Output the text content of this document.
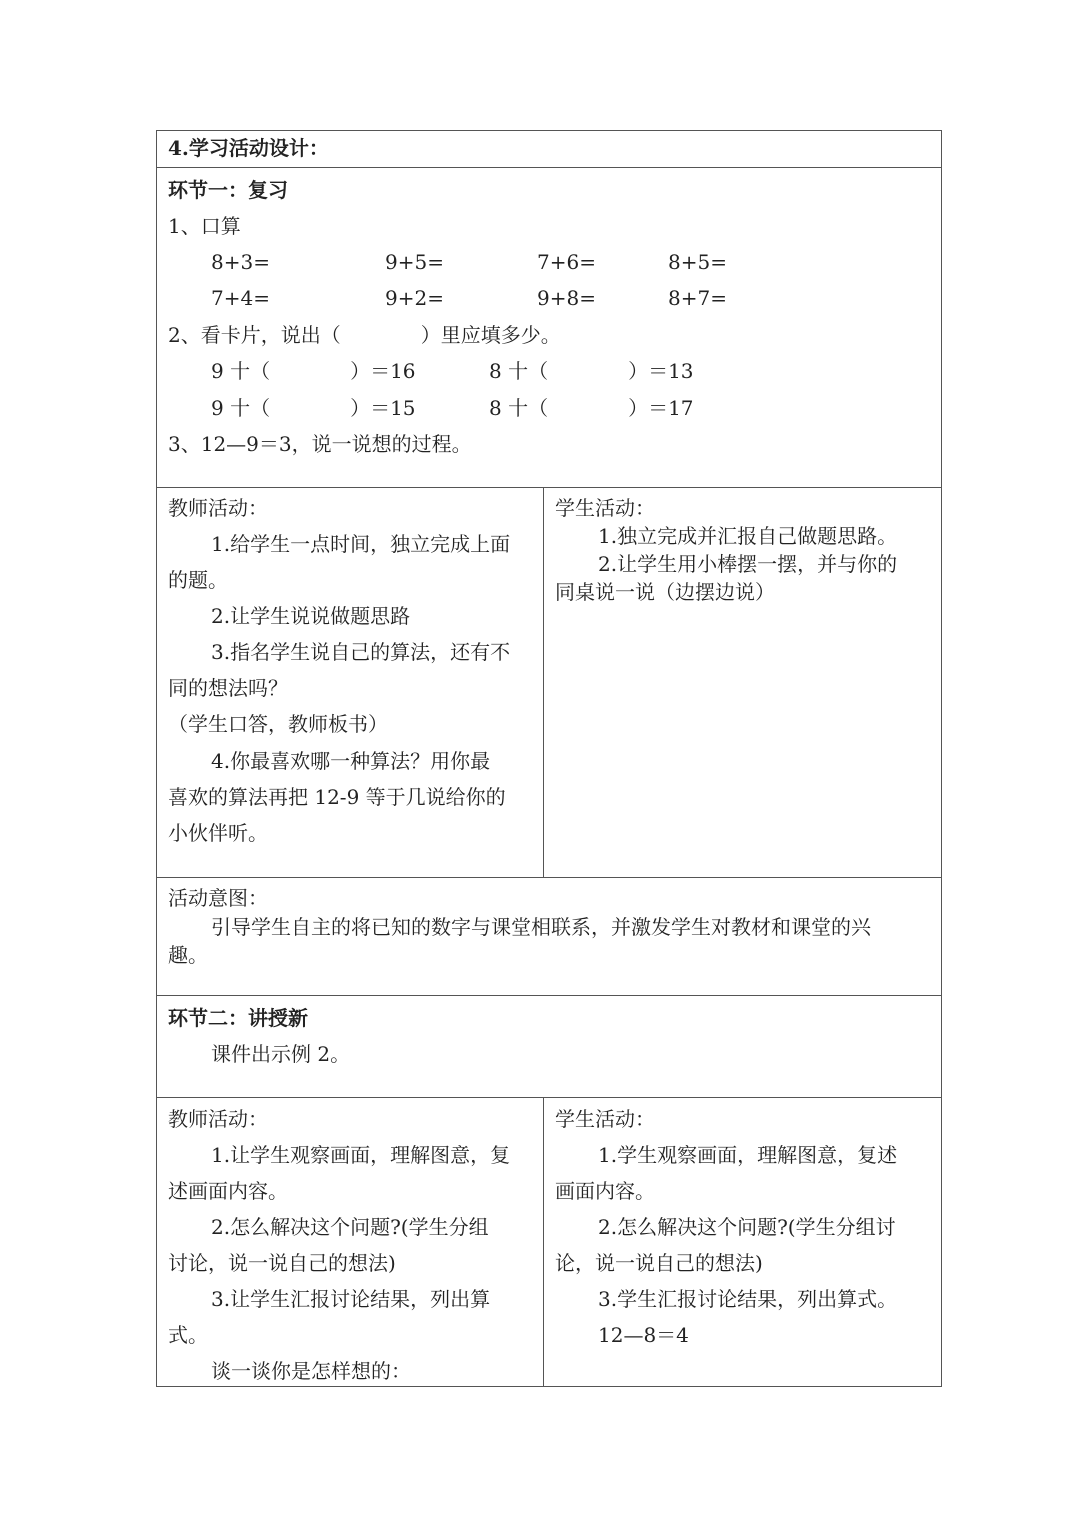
4.学习活动设计：
环节一：复习
1、口算
8+3=	9+5=	7+6=	8+5=
7+4=	9+2=	9+8=	8+7=
2、看卡片，说出（　　　　）里应填多少。
9 十（　　　　）＝16	8 十（　　　　）＝13
9 十（　　　　）＝15	8 十（　　　　）＝17
3、12—9＝3，说一说想的过程。
教师活动：
1.给学生一点时间，独立完成上面
的题。
2.让学生说说做题思路
3.指名学生说自己的算法，还有不
同的想法吗？
（学生口答，教师板书）
4.你最喜欢哪一种算法？用你最
喜欢的算法再把 12-9 等于几说给你的
小伙伴听。
学生活动：
1.独立完成并汇报自己做题思路。
2.让学生用小棒摆一摆，并与你的
同桌说一说（边摆边说）
活动意图：
引导学生自主的将已知的数字与课堂相联系，并激发学生对教材和课堂的兴
趣。
环节二：讲授新
课件出示例 2。
教师活动：
1.让学生观察画面，理解图意，复
述画面内容。
2.怎么解决这个问题?(学生分组
讨论，说一说自己的想法)
3.让学生汇报讨论结果，列出算
式。
谈一谈你是怎样想的：
学生活动：
1.学生观察画面，理解图意，复述
画面内容。
2.怎么解决这个问题?(学生分组讨
论，说一说自己的想法)
3.学生汇报讨论结果，列出算式。
12—8＝4
